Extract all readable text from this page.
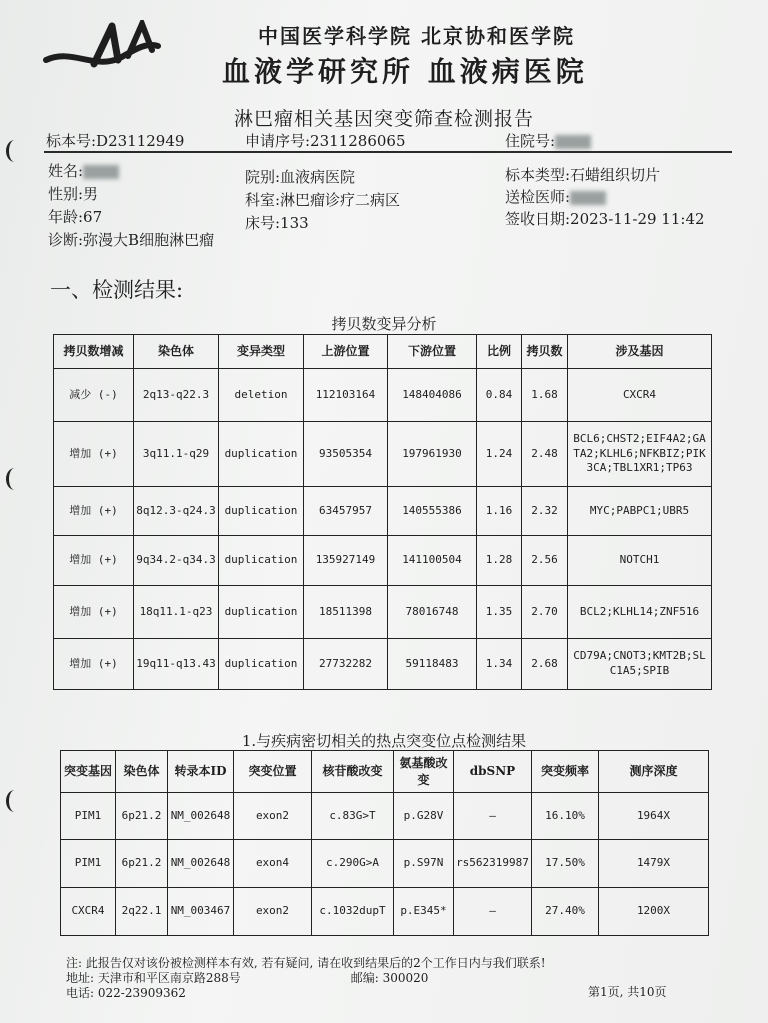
中国医学科学院 北京协和医学院
血液学研究所 血液病医院
淋巴瘤相关基因突变筛查检测报告
标本号:D23112949	申请序号:2311286065	住院号:
姓名:
性别:男
年龄:67
诊断:弥漫大B细胞淋巴瘤
院别:血液病医院
科室:淋巴瘤诊疗二病区
床号:133
标本类型:石蜡组织切片
送检医师:
签收日期:2023-11-29 11:42
一、检测结果:
拷贝数变异分析
拷贝数增减	染色体	变异类型	上游位置	下游位置	比例	拷贝数	涉及基因
减少 (-)	2q13-q22.3	deletion	112103164	148404086	0.84	1.68	CXCR4
增加 (+)	3q11.1-q29	duplication	93505354	197961930	1.24	2.48	BCL6;CHST2;EIF4A2;GATA2;KLHL6;NFKBIZ;PIK3CA;TBL1XR1;TP63
增加 (+)	8q12.3-q24.3	duplication	63457957	140555386	1.16	2.32	MYC;PABPC1;UBR5
增加 (+)	9q34.2-q34.3	duplication	135927149	141100504	1.28	2.56	NOTCH1
增加 (+)	18q11.1-q23	duplication	18511398	78016748	1.35	2.70	BCL2;KLHL14;ZNF516
增加 (+)	19q11-q13.43	duplication	27732282	59118483	1.34	2.68	CD79A;CNOT3;KMT2B;SLC1A5;SPIB
1.与疾病密切相关的热点突变位点检测结果
突变基因	染色体	转录本ID	突变位置	核苷酸改变	氨基酸改变	dbSNP	突变频率	测序深度
PIM1	6p21.2	NM_002648	exon2	c.83G>T	p.G28V	—	16.10%	1964X
PIM1	6p21.2	NM_002648	exon4	c.290G>A	p.S97N	rs562319987	17.50%	1479X
CXCR4	2q22.1	NM_003467	exon2	c.1032dupT	p.E345*	—	27.40%	1200X
注: 此报告仅对该份被检测样本有效, 若有疑问, 请在收到结果后的2个工作日内与我们联系!
地址: 天津市和平区南京路288号	邮编: 300020
电话: 022-23909362	第1页, 共10页
